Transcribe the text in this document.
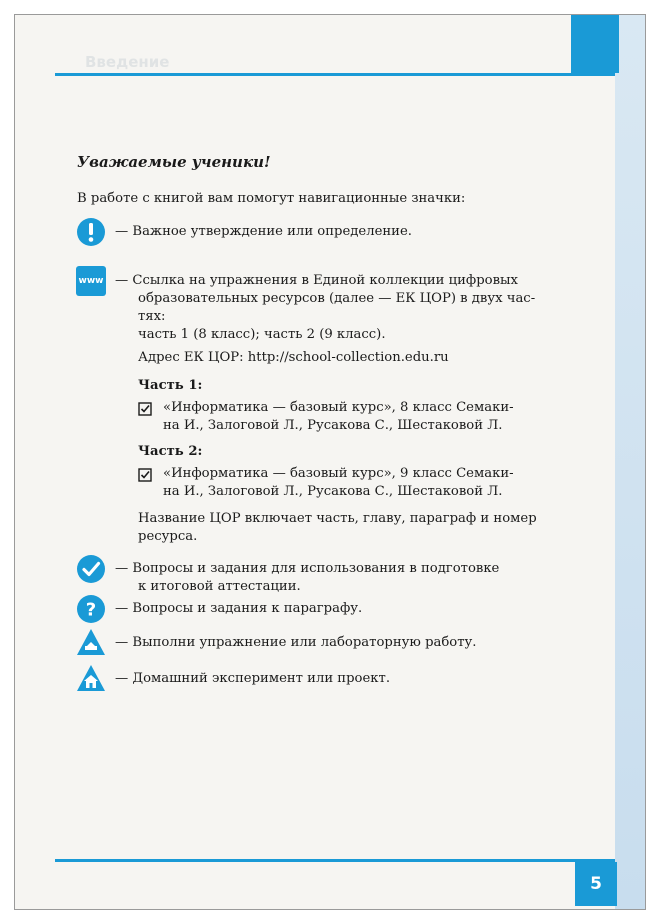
Введение
Уважаемые ученики!
В работе с книгой вам помогут навигационные значки:
— Важное утверждение или определение.
www — Ссылка на упражнения в Единой коллекции цифровых
образовательных ресурсов (далее — ЕК ЦОР) в двух час-
тях:
часть 1 (8 класс); часть 2 (9 класс).
Адрес ЕК ЦОР: http://school-collection.edu.ru
Часть 1:
«Информатика — базовый курс», 8 класс Семаки-
на И., Залоговой Л., Русакова С., Шестаковой Л.
Часть 2:
«Информатика — базовый курс», 9 класс Семаки-
на И., Залоговой Л., Русакова С., Шестаковой Л.
Название ЦОР включает часть, главу, параграф и номер
ресурса.
— Вопросы и задания для использования в подготовке
к итоговой аттестации.
? — Вопросы и задания к параграфу.
— Выполни упражнение или лабораторную работу.
— Домашний эксперимент или проект.
5
